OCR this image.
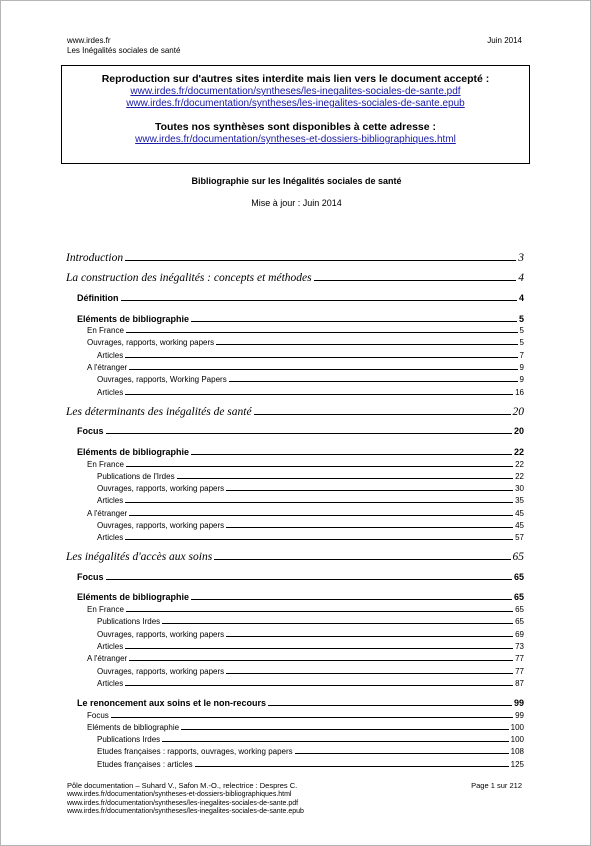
www.irdes.fr
Les Inégalités sociales de santé
Juin 2014
Reproduction sur d'autres sites interdite mais lien vers le document accepté :
www.irdes.fr/documentation/syntheses/les-inegalites-sociales-de-sante.pdf
www.irdes.fr/documentation/syntheses/les-inegalites-sociales-de-sante.epub
Toutes nos synthèses sont disponibles à cette adresse :
www.irdes.fr/documentation/syntheses-et-dossiers-bibliographiques.html
Bibliographie sur les Inégalités sociales de santé
Mise à jour : Juin 2014
Introduction	3
La construction des inégalités : concepts et méthodes	4
Définition	4
Eléments de bibliographie	5
En France	5
Ouvrages, rapports, working papers	5
Articles	7
A l'étranger	9
Ouvrages, rapports, Working Papers	9
Articles	16
Les déterminants des inégalités de santé	20
Focus	20
Eléments de bibliographie	22
En France	22
Publications de l'Irdes	22
Ouvrages, rapports, working papers	30
Articles	35
A l'étranger	45
Ouvrages, rapports, working papers	45
Articles	57
Les inégalités d'accès aux soins	65
Focus	65
Eléments de bibliographie	65
En France	65
Publications Irdes	65
Ouvrages, rapports, working papers	69
Articles	73
A l'étranger	77
Ouvrages, rapports, working papers	77
Articles	87
Le renoncement aux soins et le non-recours	99
Focus	99
Eléments de bibliographie	100
Publications Irdes	100
Etudes françaises : rapports, ouvrages, working papers	108
Etudes françaises : articles	125
Pôle documentation – Suhard V., Safon M.-O., relectrice : Despres C.
www.irdes.fr/documentation/syntheses-et-dossiers-bibliographiques.html
www.irdes.fr/documentation/syntheses/les-inegalites-sociales-de-sante.pdf
www.irdes.fr/documentation/syntheses/les-inegalites-sociales-de-sante.epub
Page 1 sur 212
